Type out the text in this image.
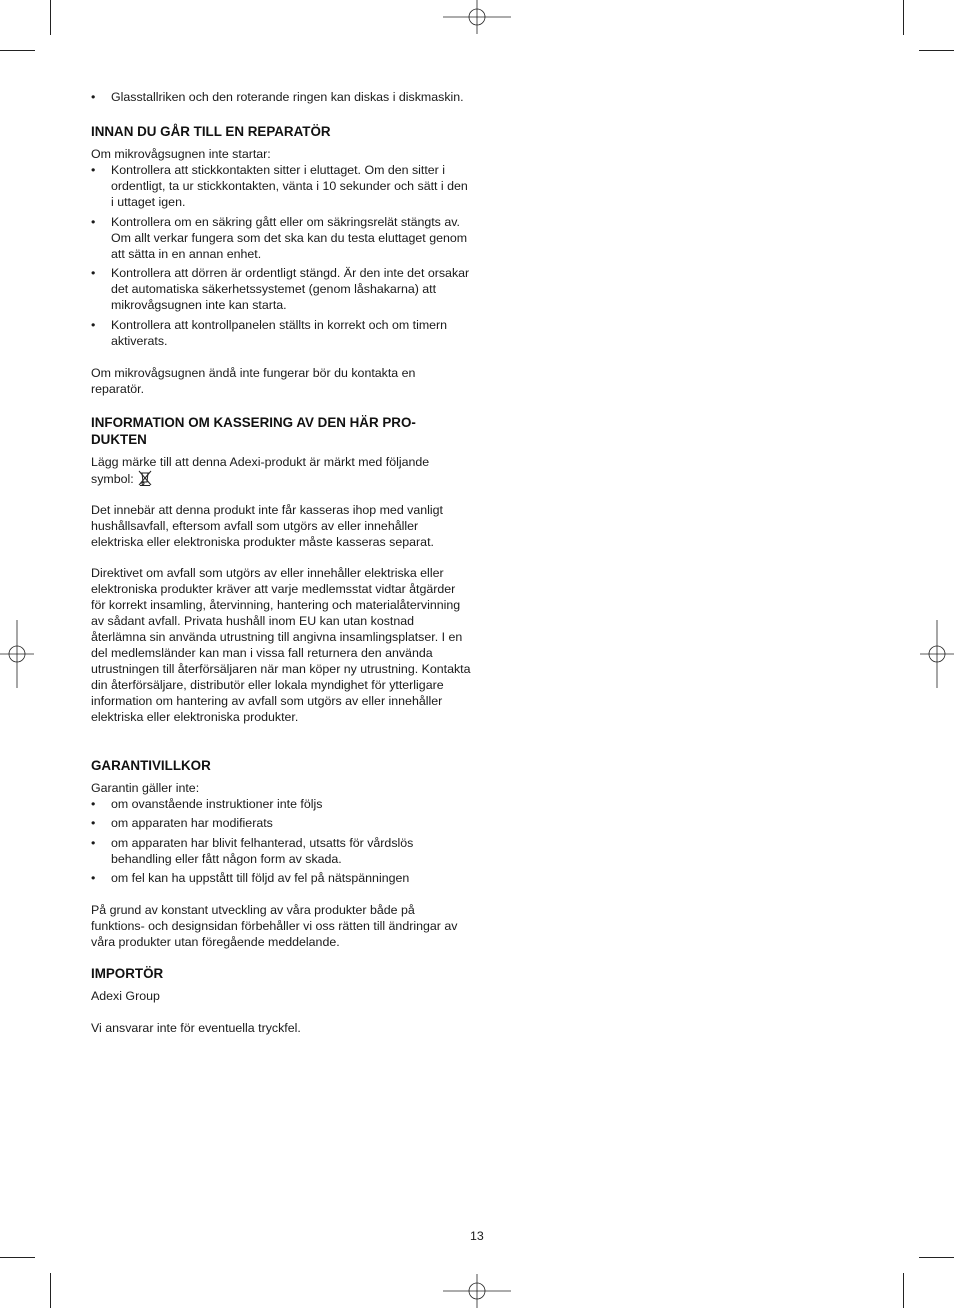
• Glasstallriken och den roterande ringen kan diskas i diskmaskin.
INNAN DU GÅR TILL EN REPARATÖR

Om mikrovågsugnen inte startar:

• Kontrollera att stickkontakten sitter i eluttaget. Om den sitter i ordentligt, ta ur stickkontakten, vänta i 10 sekunder och sätt i den i uttaget igen.
• Kontrollera om en säkring gått eller om säkringsrelät stängts av. Om allt verkar fungera som det ska kan du testa eluttaget genom att sätta in en annan enhet.
• Kontrollera att dörren är ordentligt stängd. Är den inte det orsakar det automatiska säkerhetssystemet (genom låshakarna) att mikrovågsugnen inte kan starta.
• Kontrollera att kontrollpanelen ställts in korrekt och om timern aktiverats.

Om mikrovågsugnen ändå inte fungerar bör du kontakta en reparatör.

INFORMATION OM KASSERING AV DEN HÄR PRO-
DUKTEN

Lägg märke till att denna Adexi-produkt är märkt med följande symbol:

Det innebär att denna produkt inte får kasseras ihop med vanligt hushållsavfall, eftersom avfall som utgörs av eller innehåller elektriska eller elektroniska produkter måste kasseras separat.

Direktivet om avfall som utgörs av eller innehåller elektriska eller elektroniska produkter kräver att varje medlemsstat vidtar åtgärder för korrekt insamling, återvinning, hantering och materialåtervinning av sådant avfall. Privata hushåll inom EU kan utan kostnad återlämna sin använda utrustning till angivna insamlingsplatser. I en del medlemsländer kan man i vissa fall returnera den använda utrustningen till återförsäljaren när man köper ny utrustning. Kontakta din återförsäljare, distributör eller lokala myndighet för ytterligare information om hantering av avfall som utgörs av eller innehåller elektriska eller elektroniska produkter.

GARANTIVILLKOR

Garantin gäller inte:

• om ovanstående instruktioner inte följs
• om apparaten har modifierats
• om apparaten har blivit felhanterad, utsatts för vårdslös behandling eller fått någon form av skada.
• om fel kan ha uppstått till följd av fel på nätspänningen

På grund av konstant utveckling av våra produkter både på funktions- och designsidan förbehåller vi oss rätten till ändringar av våra produkter utan föregående meddelande.

IMPORTÖR

Adexi Group

Vi ansvarar inte för eventuella tryckfel.

13
